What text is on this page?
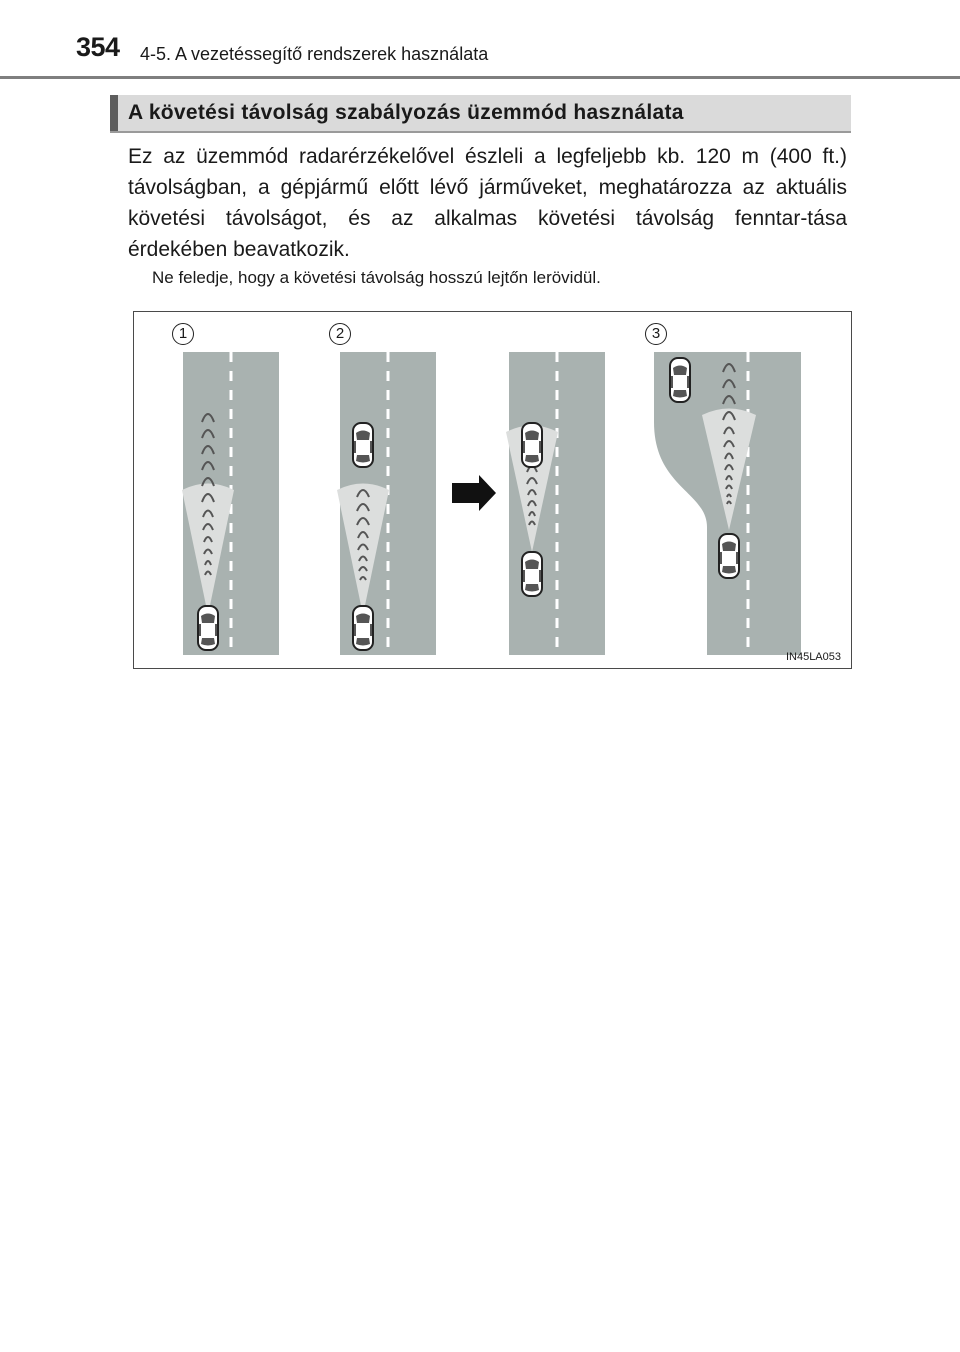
354 4-5. A vezetéssegítő rendszerek használata
A követési távolság szabályozás üzemmód használata

Ez az üzemmód radarérzékelővel észleli a legfeljebb kb. 120 m (400 ft.) távolságban, a gépjármű előtt lévő járműveket, meghatározza az aktuális követési távolságot, és az alkalmas követési távolság fenntar-tása érdekében beavatkozik.

Ne feledje, hogy a követési távolság hosszú lejtőn lerövidül.

1	2	3
IN45LA053
